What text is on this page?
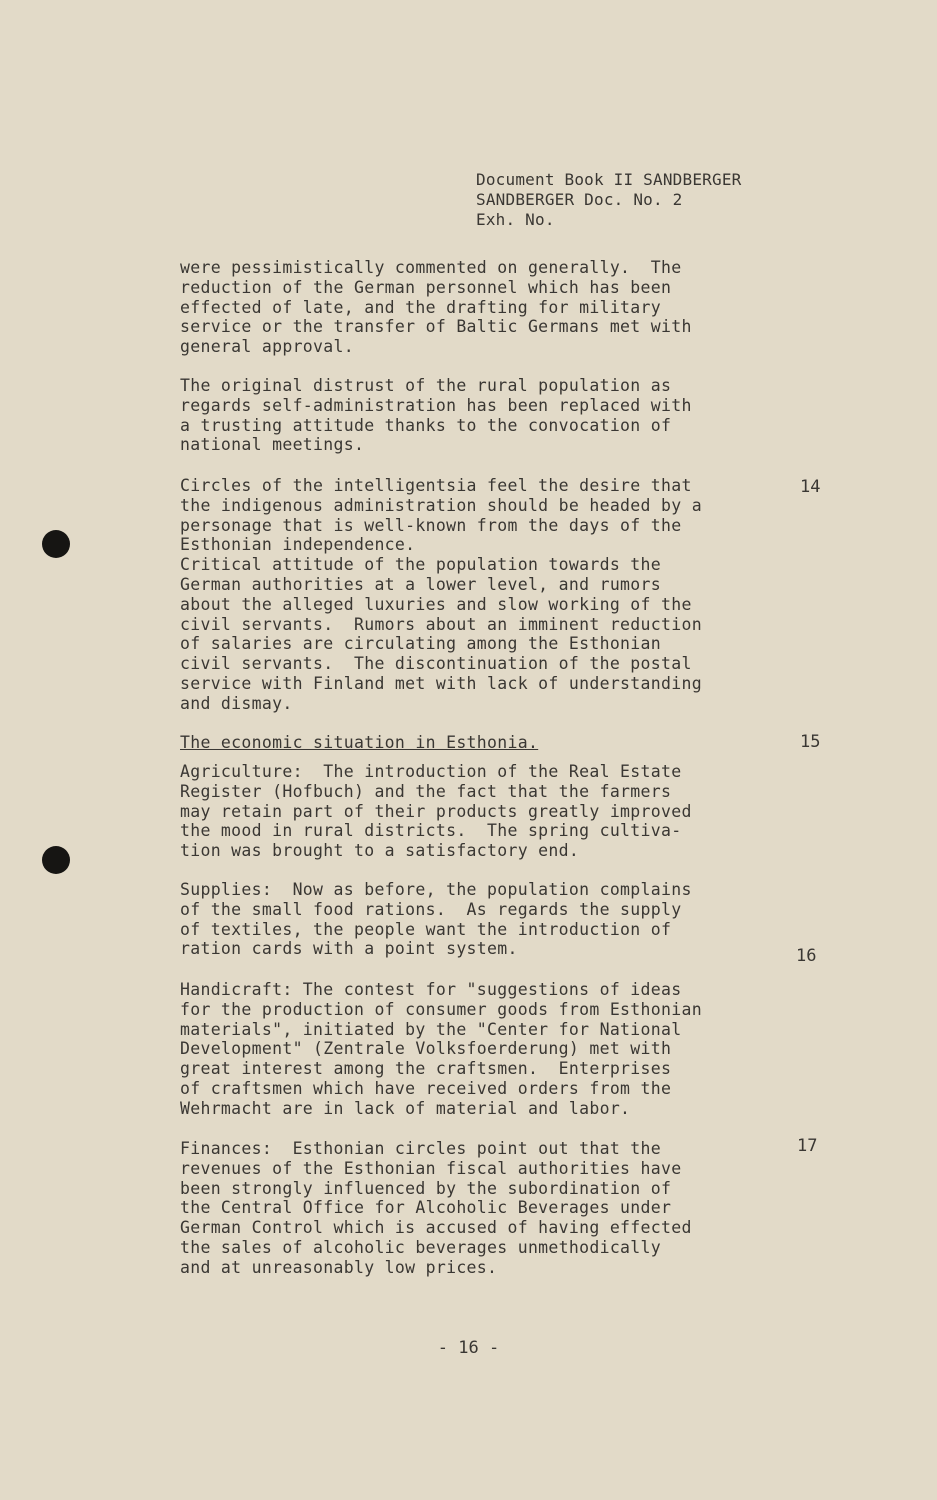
Document Book II SANDBERGER
SANDBERGER Doc. No. 2
Exh. No.
were pessimistically commented on generally.  The
reduction of the German personnel which has been
effected of late, and the drafting for military
service or the transfer of Baltic Germans met with
general approval.
The original distrust of the rural population as
regards self-administration has been replaced with
a trusting attitude thanks to the convocation of
national meetings.
Circles of the intelligentsia feel the desire that
the indigenous administration should be headed by a
personage that is well-known from the days of the
Esthonian independence.
Critical attitude of the population towards the
German authorities at a lower level, and rumors
about the alleged luxuries and slow working of the
civil servants.  Rumors about an imminent reduction
of salaries are circulating among the Esthonian
civil servants.  The discontinuation of the postal
service with Finland met with lack of understanding
and dismay.
The economic situation in Esthonia.
Agriculture:  The introduction of the Real Estate
Register (Hofbuch) and the fact that the farmers
may retain part of their products greatly improved
the mood in rural districts.  The spring cultiva-
tion was brought to a satisfactory end.
Supplies:  Now as before, the population complains
of the small food rations.  As regards the supply
of textiles, the people want the introduction of
ration cards with a point system.
Handicraft: The contest for "suggestions of ideas
for the production of consumer goods from Esthonian
materials", initiated by the "Center for National
Development" (Zentrale Volksfoerderung) met with
great interest among the craftsmen.  Enterprises
of craftsmen which have received orders from the
Wehrmacht are in lack of material and labor.
Finances:  Esthonian circles point out that the
revenues of the Esthonian fiscal authorities have
been strongly influenced by the subordination of
the Central Office for Alcoholic Beverages under
German Control which is accused of having effected
the sales of alcoholic beverages unmethodically
and at unreasonably low prices.
14
15
16
17
- 16 -
